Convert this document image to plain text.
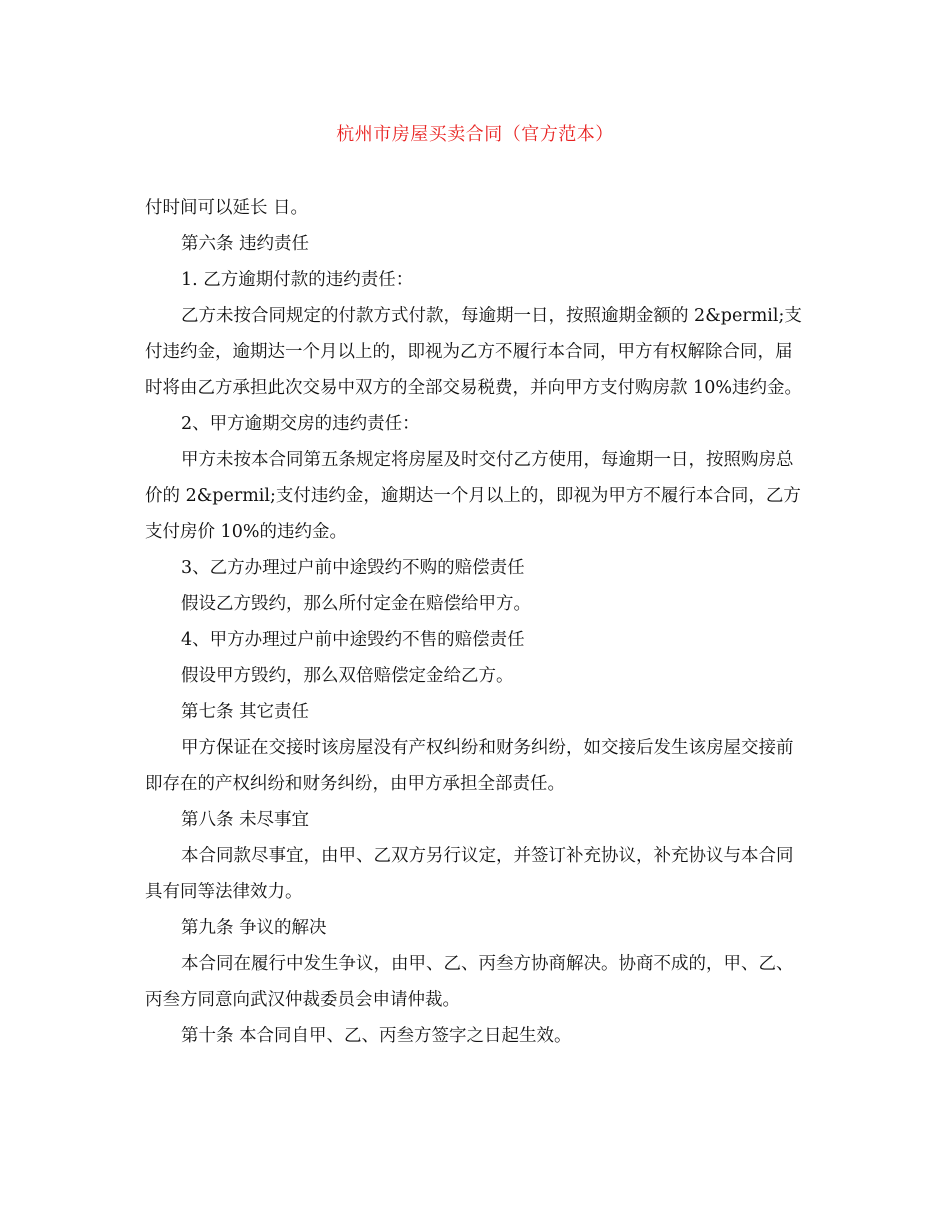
杭州市房屋买卖合同（官方范本）

付时间可以延长 日。

第六条 违约责任

1. 乙方逾期付款的违约责任：

乙方未按合同规定的付款方式付款，每逾期一日，按照逾期金额的 2&permil;支付违约金，逾期达一个月以上的，即视为乙方不履行本合同，甲方有权解除合同，届时将由乙方承担此次交易中双方的全部交易税费，并向甲方支付购房款 10%违约金。

2、甲方逾期交房的违约责任：

甲方未按本合同第五条规定将房屋及时交付乙方使用，每逾期一日，按照购房总价的 2&permil;支付违约金，逾期达一个月以上的，即视为甲方不履行本合同，乙方支付房价 10%的违约金。

3、乙方办理过户前中途毁约不购的赔偿责任

假设乙方毁约，那么所付定金在赔偿给甲方。

4、甲方办理过户前中途毁约不售的赔偿责任

假设甲方毁约，那么双倍赔偿定金给乙方。

第七条 其它责任

甲方保证在交接时该房屋没有产权纠纷和财务纠纷，如交接后发生该房屋交接前即存在的产权纠纷和财务纠纷，由甲方承担全部责任。

第八条 未尽事宜

本合同款尽事宜，由甲、乙双方另行议定，并签订补充协议，补充协议与本合同具有同等法律效力。

第九条 争议的解决

本合同在履行中发生争议，由甲、乙、丙叁方协商解决。协商不成的，甲、乙、丙叁方同意向武汉仲裁委员会申请仲裁。

第十条 本合同自甲、乙、丙叁方签字之日起生效。
